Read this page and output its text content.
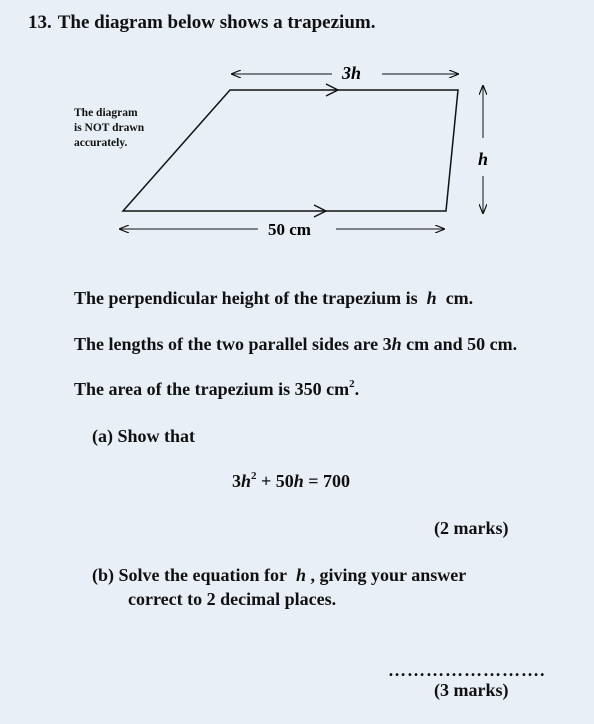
13. The diagram below shows a trapezium.
3h
50 cm
h
The diagram
is NOT drawn
accurately.
The perpendicular height of the trapezium is h cm.
The lengths of the two parallel sides are 3h cm and 50 cm.
The area of the trapezium is 350 $cm^2$.
(a) Show that
$3h^2 + 50h = 700$
(2 marks)
(b) Solve the equation for h , giving your answer
correct to 2 decimal places.
…………………….
(3 marks)
